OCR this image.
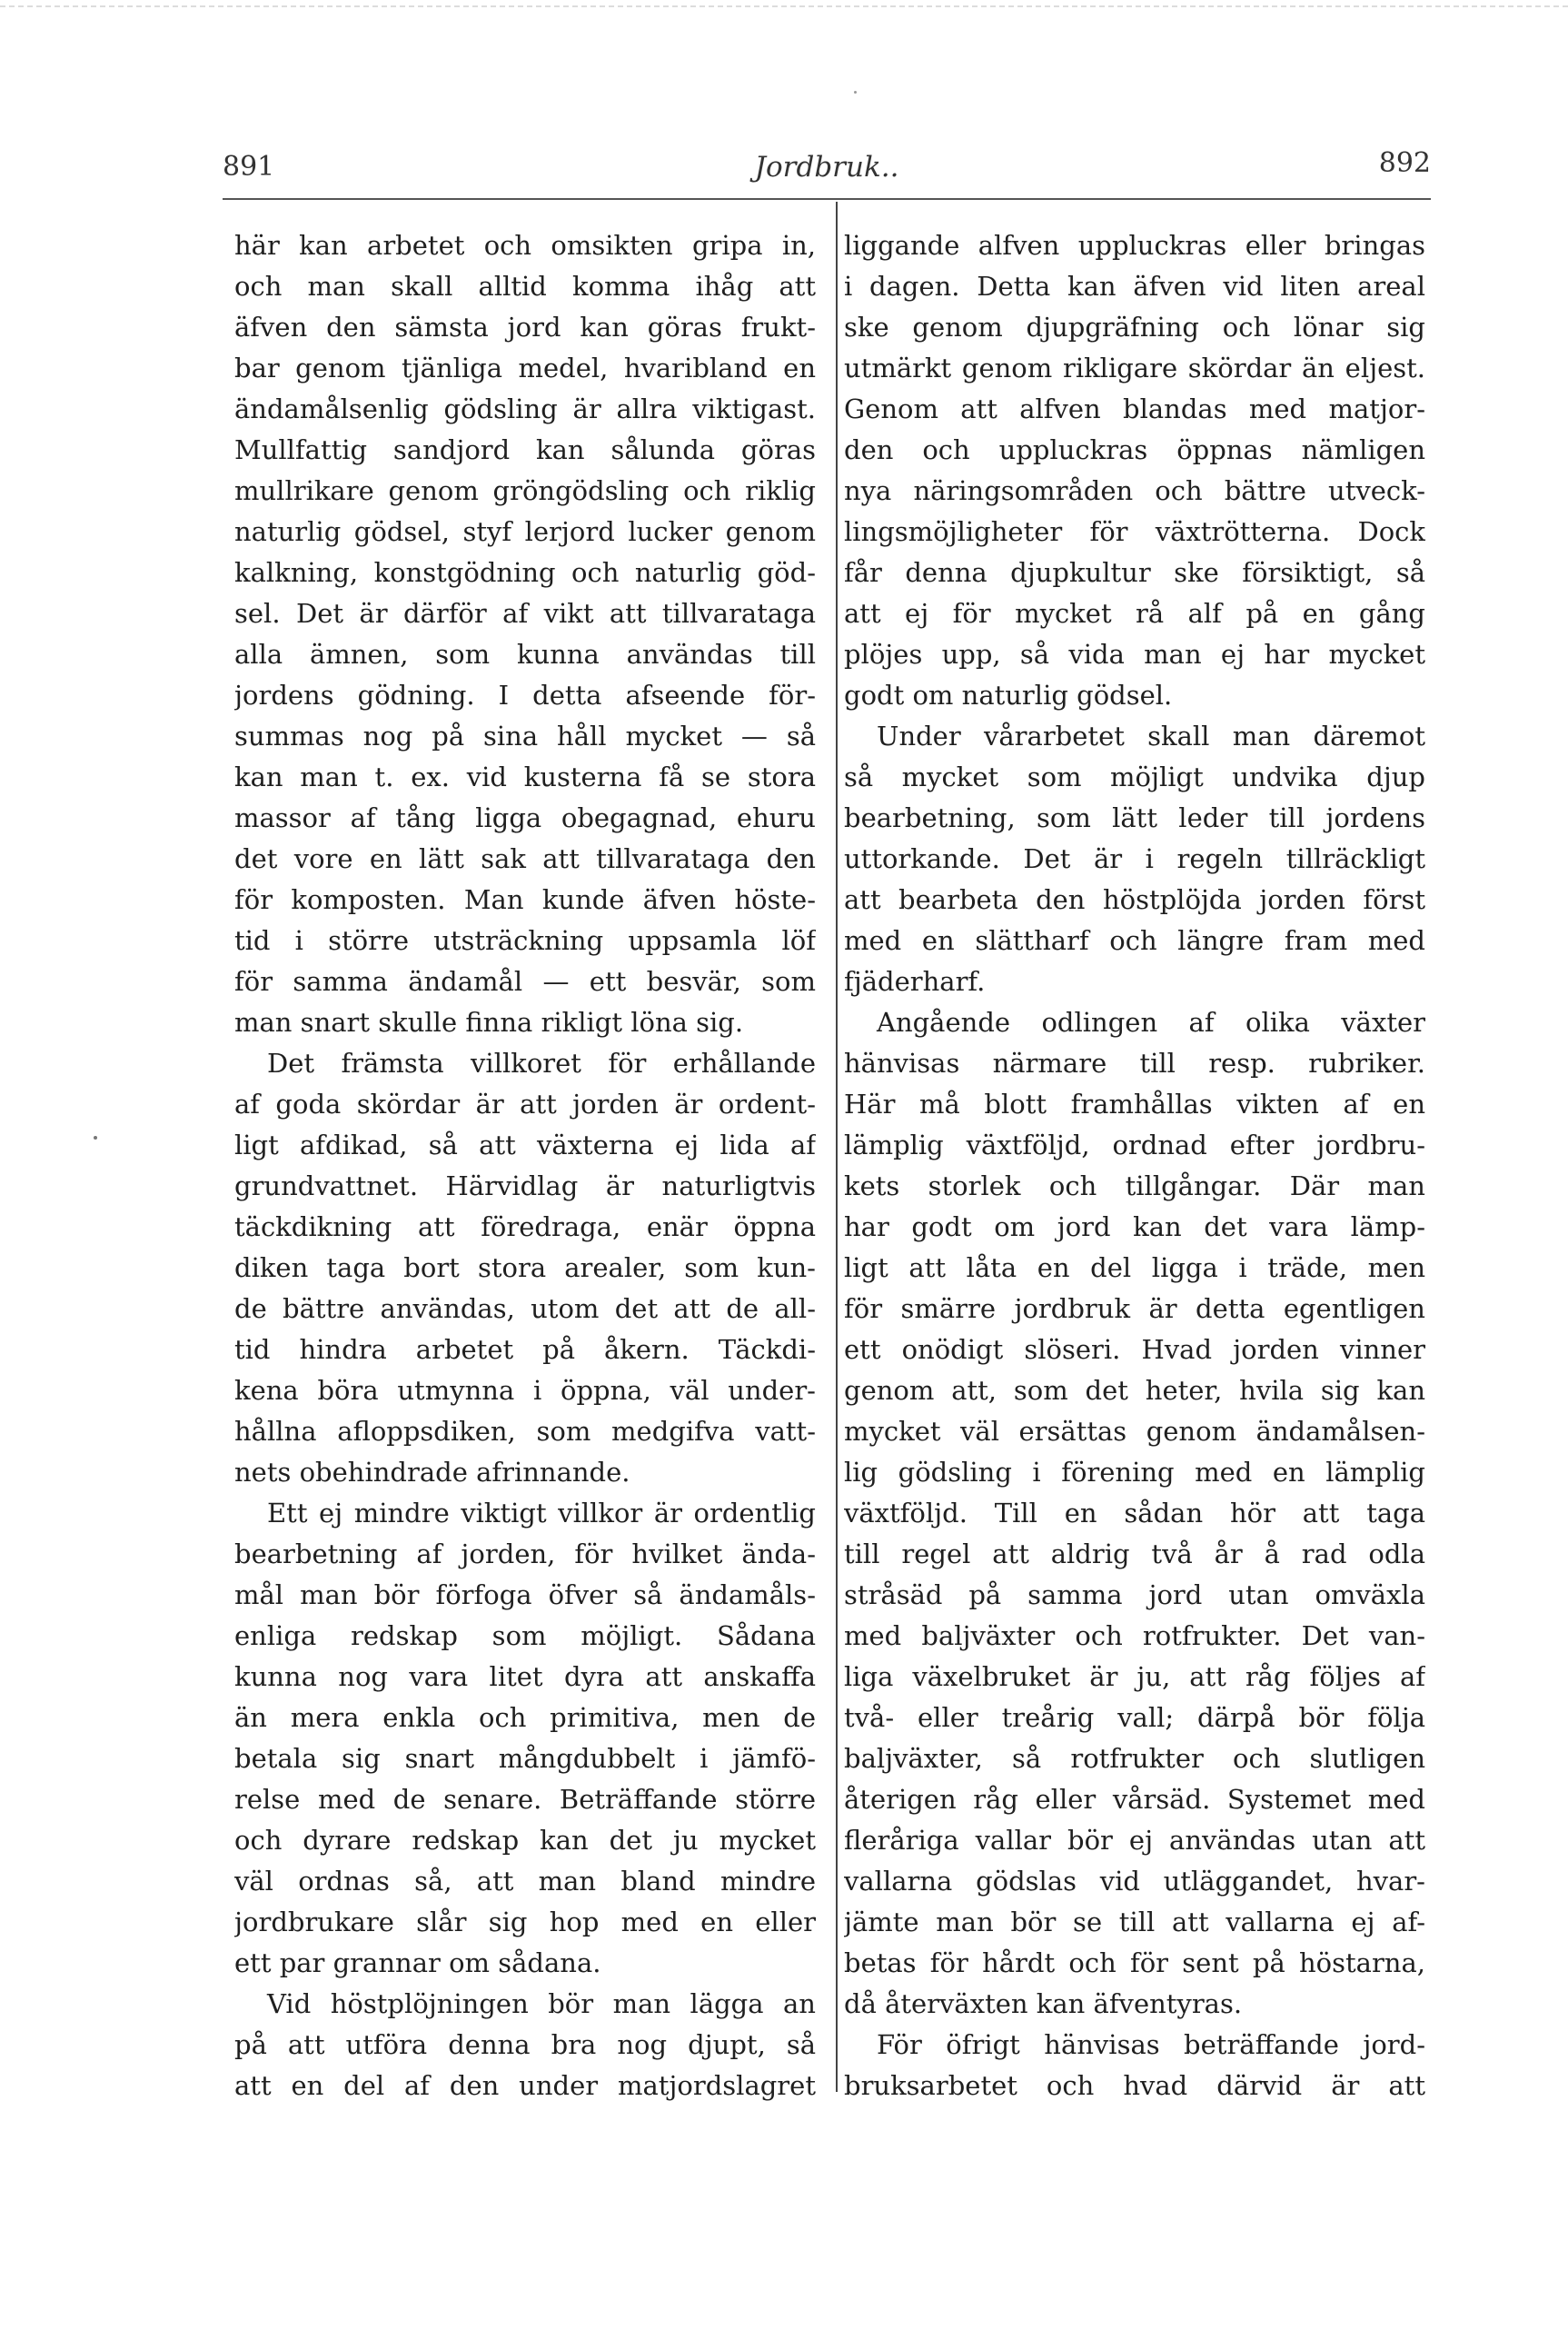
891	Jordbruk..	892
här kan arbetet och omsikten gripa in,
och man skall alltid komma ihåg att
äfven den sämsta jord kan göras frukt-
bar genom tjänliga medel, hvaribland en
ändamålsenlig gödsling är allra viktigast.
Mullfattig sandjord kan sålunda göras
mullrikare genom gröngödsling och riklig
naturlig gödsel, styf lerjord lucker genom
kalkning, konstgödning och naturlig göd-
sel. Det är därför af vikt att tillvarataga
alla ämnen, som kunna användas till
jordens gödning. I detta afseende för-
summas nog på sina håll mycket — så
kan man t. ex. vid kusterna få se stora
massor af tång ligga obegagnad, ehuru
det vore en lätt sak att tillvarataga den
för komposten. Man kunde äfven höste-
tid i större utsträckning uppsamla löf
för samma ändamål — ett besvär, som
man snart skulle finna rikligt löna sig.
Det främsta villkoret för erhållande
af goda skördar är att jorden är ordent-
ligt afdikad, så att växterna ej lida af
grundvattnet. Härvidlag är naturligtvis
täckdikning att föredraga, enär öppna
diken taga bort stora arealer, som kun-
de bättre användas, utom det att de all-
tid hindra arbetet på åkern. Täckdi-
kena böra utmynna i öppna, väl under-
hållna afloppsdiken, som medgifva vatt-
nets obehindrade afrinnande.
Ett ej mindre viktigt villkor är ordentlig
bearbetning af jorden, för hvilket ända-
mål man bör förfoga öfver så ändamåls-
enliga redskap som möjligt. Sådana
kunna nog vara litet dyra att anskaffa
än mera enkla och primitiva, men de
betala sig snart mångdubbelt i jämfö-
relse med de senare. Beträffande större
och dyrare redskap kan det ju mycket
väl ordnas så, att man bland mindre
jordbrukare slår sig hop med en eller
ett par grannar om sådana.
Vid höstplöjningen bör man lägga an
på att utföra denna bra nog djupt, så
att en del af den under matjordslagret
liggande alfven uppluckras eller bringas
i dagen. Detta kan äfven vid liten areal
ske genom djupgräfning och lönar sig
utmärkt genom rikligare skördar än eljest.
Genom att alfven blandas med matjor-
den och uppluckras öppnas nämligen
nya näringsområden och bättre utveck-
lingsmöjligheter för växtrötterna. Dock
får denna djupkultur ske försiktigt, så
att ej för mycket rå alf på en gång
plöjes upp, så vida man ej har mycket
godt om naturlig gödsel.
Under vårarbetet skall man däremot
så mycket som möjligt undvika djup
bearbetning, som lätt leder till jordens
uttorkande. Det är i regeln tillräckligt
att bearbeta den höstplöjda jorden först
med en slättharf och längre fram med
fjäderharf.
Angående odlingen af olika växter
hänvisas närmare till resp. rubriker.
Här må blott framhållas vikten af en
lämplig växtföljd, ordnad efter jordbru-
kets storlek och tillgångar. Där man
har godt om jord kan det vara lämp-
ligt att låta en del ligga i träde, men
för smärre jordbruk är detta egentligen
ett onödigt slöseri. Hvad jorden vinner
genom att, som det heter, hvila sig kan
mycket väl ersättas genom ändamålsen-
lig gödsling i förening med en lämplig
växtföljd. Till en sådan hör att taga
till regel att aldrig två år å rad odla
stråsäd på samma jord utan omväxla
med baljväxter och rotfrukter. Det van-
liga växelbruket är ju, att råg följes af
två- eller treårig vall; därpå bör följa
baljväxter, så rotfrukter och slutligen
återigen råg eller vårsäd. Systemet med
fleråriga vallar bör ej användas utan att
vallarna gödslas vid utläggandet, hvar-
jämte man bör se till att vallarna ej af-
betas för hårdt och för sent på höstarna,
då återväxten kan äfventyras.
För öfrigt hänvisas beträffande jord-
bruksarbetet och hvad därvid är att
